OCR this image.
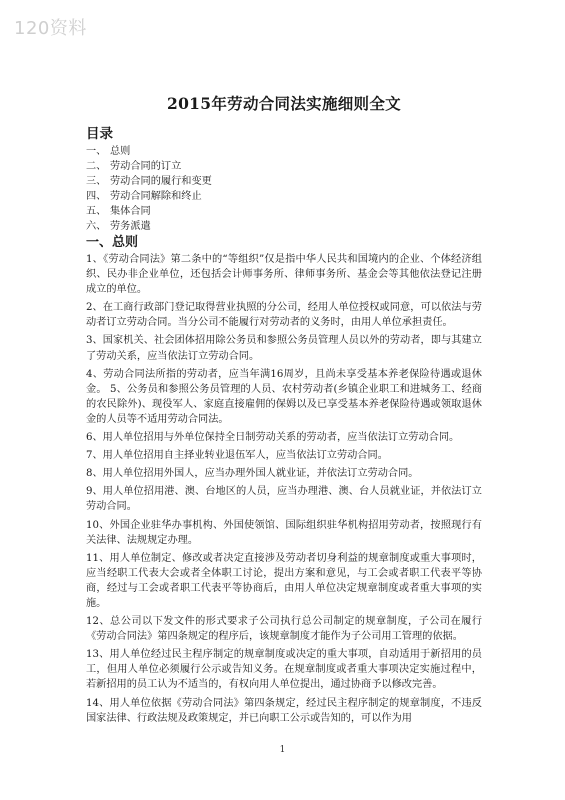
120资料
2015年劳动合同法实施细则全文
目录
一、 总则
二、 劳动合同的订立
三、 劳动合同的履行和变更
四、 劳动合同解除和终止
五、 集体合同
六、 劳务派遣
一、 总则

1、《劳动合同法》第二条中的“等组织”仅是指中华人民共和国境内的企业、个体经济组织、民办非企业单位，还包括会计师事务所、律师事务所、基金会等其他依法登记注册成立的单位。

2、在工商行政部门登记取得营业执照的分公司，经用人单位授权或同意，可以依法与劳动者订立劳动合同。当分公司不能履行对劳动者的义务时，由用人单位承担责任。

3、国家机关、社会团体招用除公务员和参照公务员管理人员以外的劳动者，即与其建立了劳动关系，应当依法订立劳动合同。

4、劳动合同法所指的劳动者，应当年满16周岁，且尚未享受基本养老保险待遇或退休金。 5、公务员和参照公务员管理的人员、农村劳动者(乡镇企业职工和进城务工、经商的农民除外)、现役军人、家庭直接雇佣的保姆以及已享受基本养老保险待遇或领取退休金的人员等不适用劳动合同法。

6、用人单位招用与外单位保持全日制劳动关系的劳动者，应当依法订立劳动合同。

7、用人单位招用自主择业转业退伍军人，应当依法订立劳动合同。

8、用人单位招用外国人，应当办理外国人就业证，并依法订立劳动合同。

9、用人单位招用港、澳、台地区的人员，应当办理港、澳、台人员就业证，并依法订立劳动合同。

10、外国企业驻华办事机构、外国使领馆、国际组织驻华机构招用劳动者，按照现行有关法律、法规规定办理。

11、用人单位制定、修改或者决定直接涉及劳动者切身利益的规章制度或重大事项时，应当经职工代表大会或者全体职工讨论，提出方案和意见，与工会或者职工代表平等协商，经过与工会或者职工代表平等协商后，由用人单位决定规章制度或者重大事项的实施。

12、总公司以下发文件的形式要求子公司执行总公司制定的规章制度，子公司在履行《劳动合同法》第四条规定的程序后，该规章制度才能作为子公司用工管理的依据。

13、用人单位经过民主程序制定的规章制度或决定的重大事项，自动适用于新招用的员工，但用人单位必须履行公示或告知义务。在规章制度或者重大事项决定实施过程中，若新招用的员工认为不适当的，有权向用人单位提出，通过协商予以修改完善。

14、用人单位依据《劳动合同法》第四条规定，经过民主程序制定的规章制度，不违反国家法律、行政法规及政策规定，并已向职工公示或告知的，可以作为用

1
